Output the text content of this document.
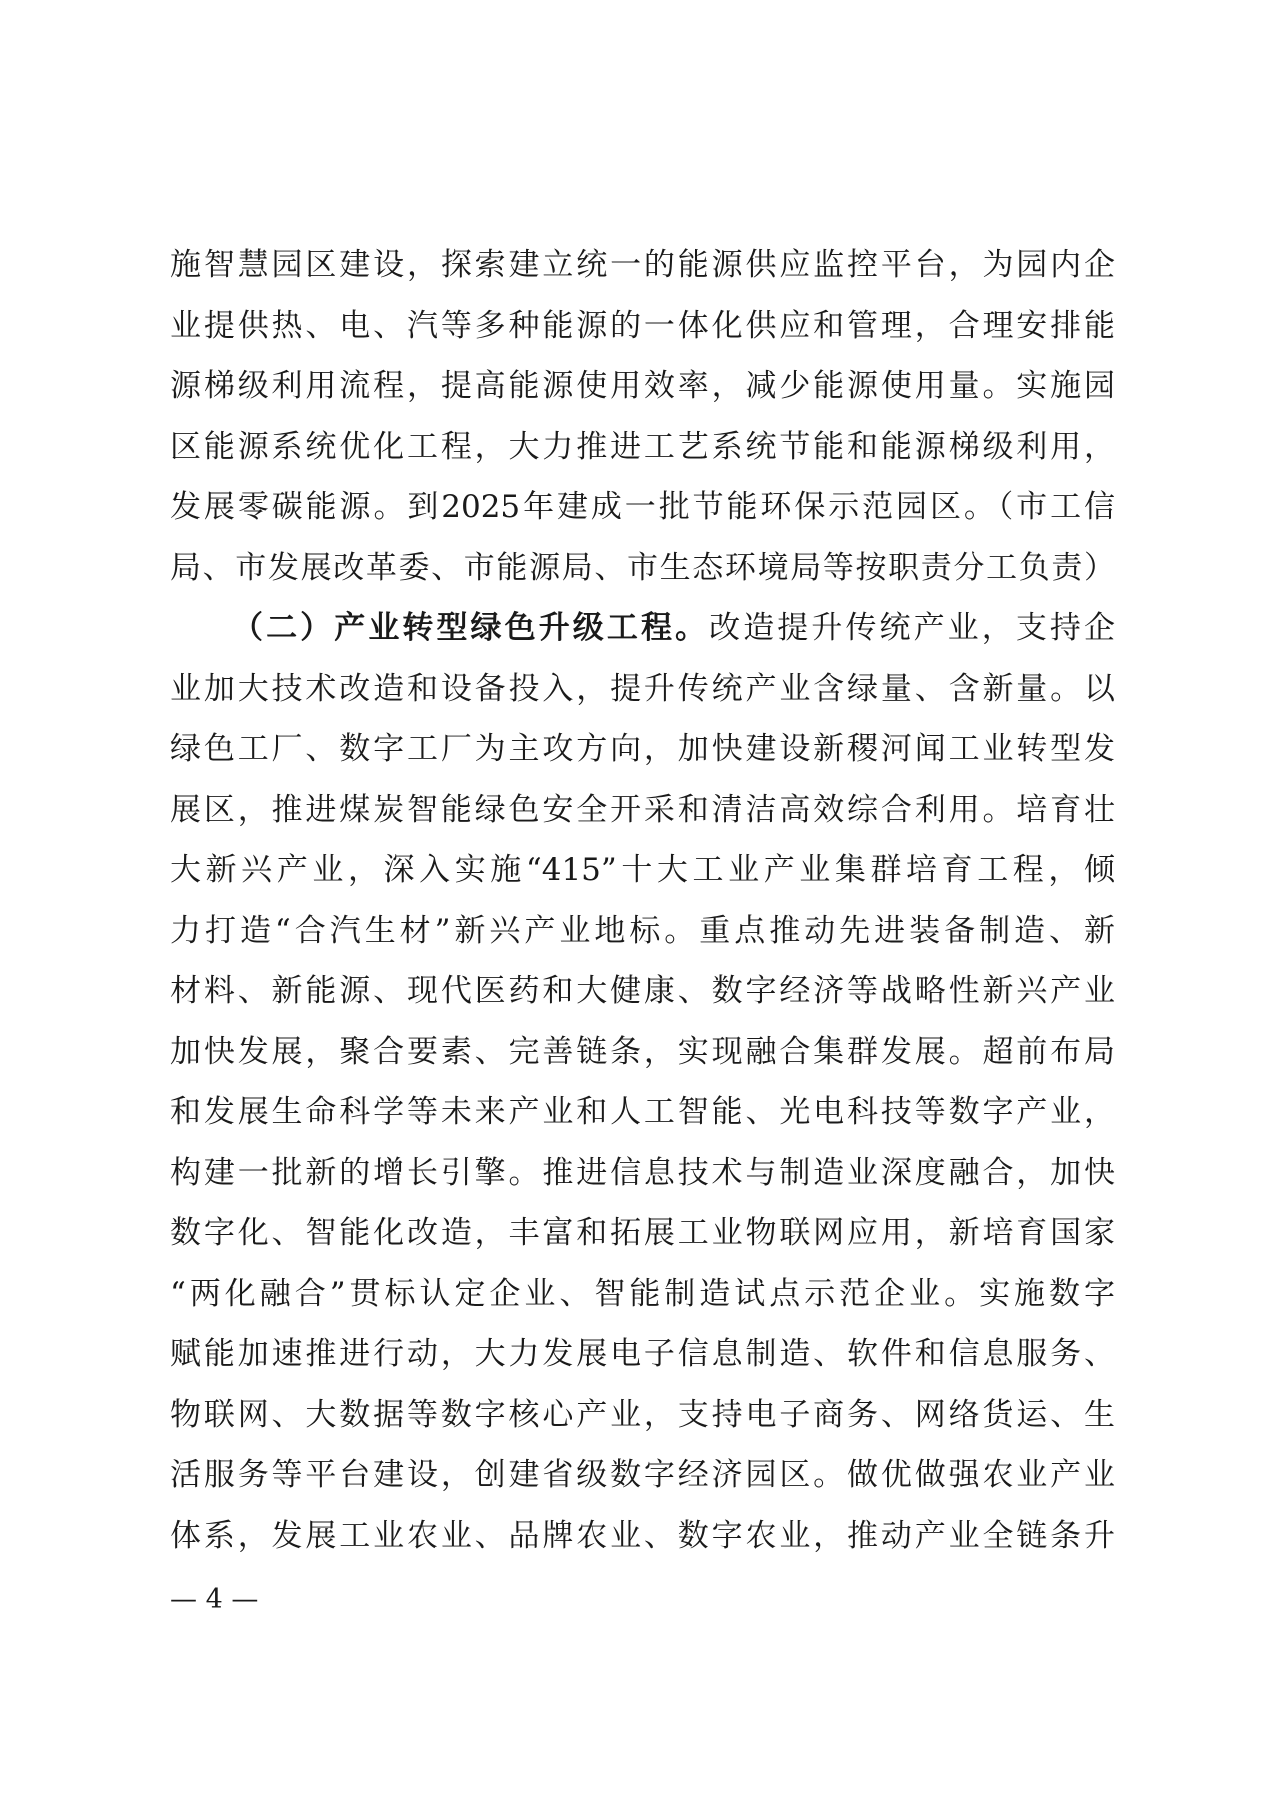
施智慧园区建设，探索建立统一的能源供应监控平台，为园内企
业提供热、电、汽等多种能源的一体化供应和管理，合理安排能
源梯级利用流程，提高能源使用效率，减少能源使用量。实施园
区能源系统优化工程，大力推进工艺系统节能和能源梯级利用，
发展零碳能源。到2025年建成一批节能环保示范园区。（市工信
局、市发展改革委、市能源局、市生态环境局等按职责分工负责）
（二）产业转型绿色升级工程。改造提升传统产业，支持企
业加大技术改造和设备投入，提升传统产业含绿量、含新量。以
绿色工厂、数字工厂为主攻方向，加快建设新稷河闻工业转型发
展区，推进煤炭智能绿色安全开采和清洁高效综合利用。培育壮
大新兴产业，深入实施“415”十大工业产业集群培育工程，倾
力打造“合汽生材”新兴产业地标。重点推动先进装备制造、新
材料、新能源、现代医药和大健康、数字经济等战略性新兴产业
加快发展，聚合要素、完善链条，实现融合集群发展。超前布局
和发展生命科学等未来产业和人工智能、光电科技等数字产业，
构建一批新的增长引擎。推进信息技术与制造业深度融合，加快
数字化、智能化改造，丰富和拓展工业物联网应用，新培育国家
“两化融合”贯标认定企业、智能制造试点示范企业。实施数字
赋能加速推进行动，大力发展电子信息制造、软件和信息服务、
物联网、大数据等数字核心产业，支持电子商务、网络货运、生
活服务等平台建设，创建省级数字经济园区。做优做强农业产业
体系，发展工业农业、品牌农业、数字农业，推动产业全链条升
— 4 —
